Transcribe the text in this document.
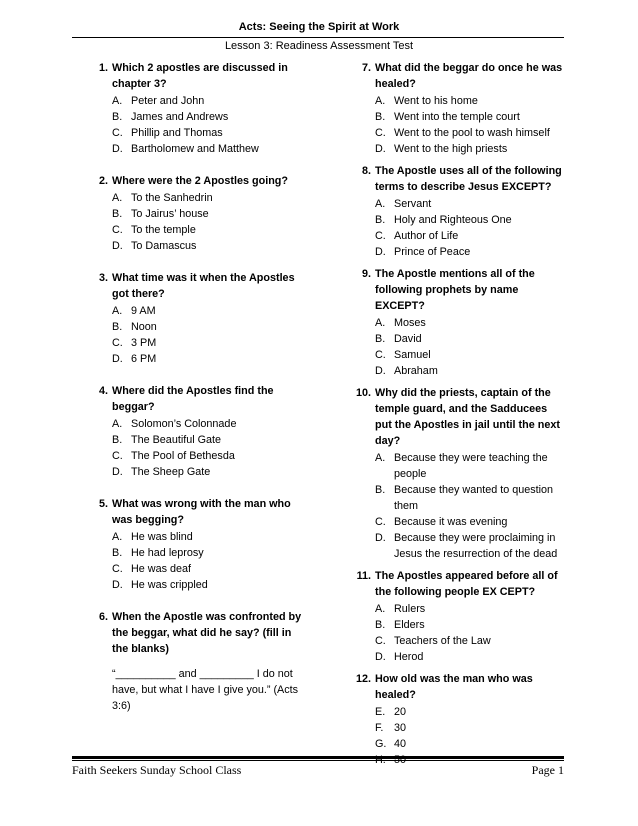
Acts: Seeing the Spirit at Work
Lesson 3: Readiness Assessment Test
1. Which 2 apostles are discussed in chapter 3?
A. Peter and John
B. James and Andrews
C. Phillip and Thomas
D. Bartholomew and Matthew
2. Where were the 2 Apostles going?
A. To the Sanhedrin
B. To Jairus’ house
C. To the temple
D. To Damascus
3. What time was it when the Apostles got there?
A. 9 AM
B. Noon
C. 3 PM
D. 6 PM
4. Where did the Apostles find the beggar?
A. Solomon’s Colonnade
B. The Beautiful Gate
C. The Pool of Bethesda
D. The Sheep Gate
5. What was wrong with the man who was begging?
A. He was blind
B. He had leprosy
C. He was deaf
D. He was crippled
6. When the Apostle was confronted by the beggar, what did he say? (fill in the blanks)
“__________ and _________ I do not have, but what I have I give you.” (Acts 3:6)
7. What did the beggar do once he was healed?
A. Went to his home
B. Went into the temple court
C. Went to the pool to wash himself
D. Went to the high priests
8. The Apostle uses all of the following terms to describe Jesus EXCEPT?
A. Servant
B. Holy and Righteous One
C. Author of Life
D. Prince of Peace
9. The Apostle mentions all of the following prophets by name EXCEPT?
A. Moses
B. David
C. Samuel
D. Abraham
10. Why did the priests, captain of the temple guard, and the Sadducees put the Apostles in jail until the next day?
A. Because they were teaching the people
B. Because they wanted to question them
C. Because it was evening
D. Because they were proclaiming in Jesus the resurrection of the dead
11. The Apostles appeared before all of the following people EX CEPT?
A. Rulers
B. Elders
C. Teachers of the Law
D. Herod
12. How old was the man who was healed?
E. 20
F. 30
G. 40
Faith Seekers Sunday School Class	Page 1
